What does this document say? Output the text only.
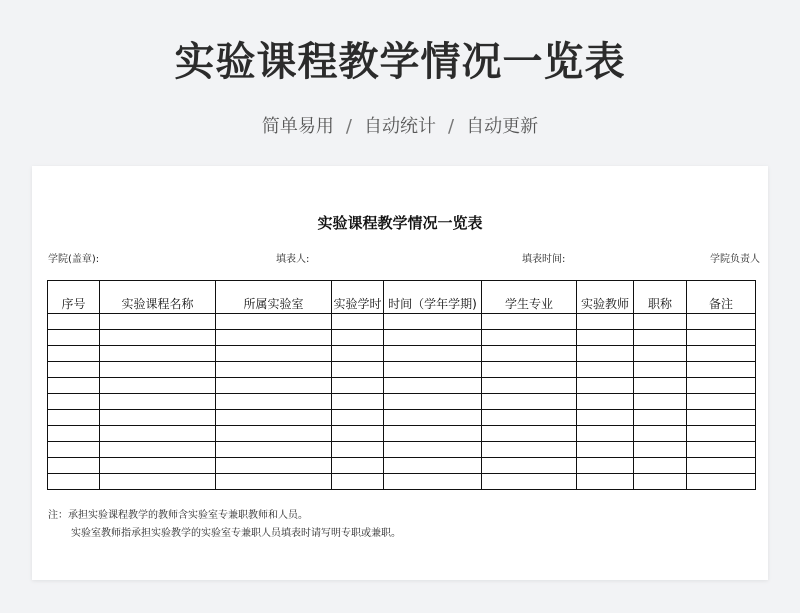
实验课程教学情况一览表
简单易用 / 自动统计 / 自动更新
实验课程教学情况一览表
学院(盖章):	填表人:	填表时间:	学院负责人
序号	实验课程名称	所属实验室	实验学时	时间（学年学期)	学生专业	实验教师	职称	备注

注：承担实验课程教学的教师含实验室专兼职教师和人员。
实验室教师指承担实验教学的实验室专兼职人员填表时请写明专职或兼职。
